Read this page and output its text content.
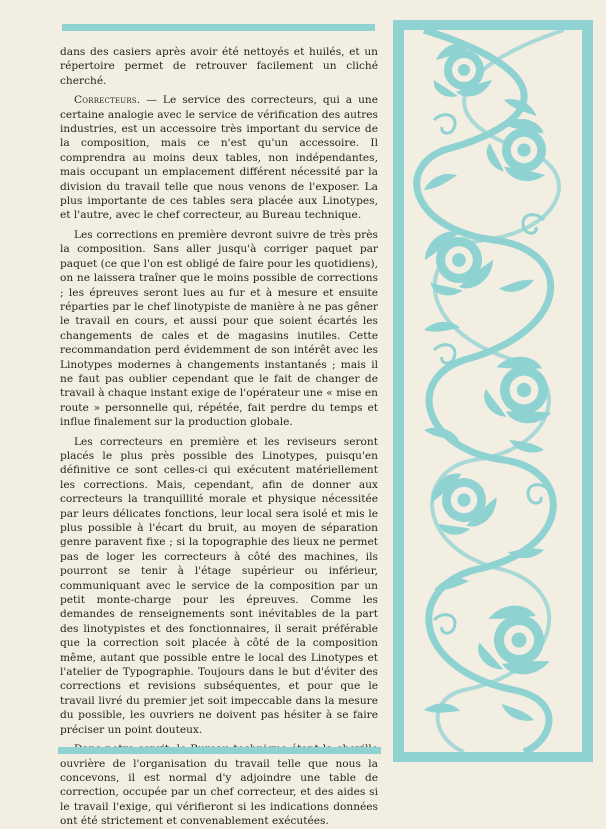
dans des casiers après avoir été nettoyés et huilés, et un répertoire permet de retrouver facilement un cliché cherché.

Correcteurs. — Le service des correcteurs, qui a une certaine analogie avec le service de vérification des autres industries, est un accessoire très important du service de la composition, mais ce n'est qu'un accessoire. Il comprendra au moins deux tables, non indépendantes, mais occupant un emplacement différent nécessité par la division du travail telle que nous venons de l'exposer. La plus importante de ces tables sera placée aux Linotypes, et l'autre, avec le chef correcteur, au Bureau technique.

Les corrections en première devront suivre de très près la composition. Sans aller jusqu'à corriger paquet par paquet (ce que l'on est obligé de faire pour les quotidiens), on ne laissera traîner que le moins possible de corrections ; les épreuves seront lues au fur et à mesure et ensuite réparties par le chef linotypiste de manière à ne pas gêner le travail en cours, et aussi pour que soient écartés les changements de cales et de magasins inutiles. Cette recommandation perd évidemment de son intérêt avec les Linotypes modernes à changements instantanés ; mais il ne faut pas oublier cependant que le fait de changer de travail à chaque instant exige de l'opérateur une « mise en route » personnelle qui, répétée, fait perdre du temps et influe finalement sur la production globale.

Les correcteurs en première et les reviseurs seront placés le plus près possible des Linotypes, puisqu'en définitive ce sont celles-ci qui exécutent matériellement les corrections. Mais, cependant, afin de donner aux correcteurs la tranquillité morale et physique nécessitée par leurs délicates fonctions, leur local sera isolé et mis le plus possible à l'écart du bruit, au moyen de séparation genre paravent fixe ; si la topographie des lieux ne permet pas de loger les correcteurs à côté des machines, ils pourront se tenir à l'étage supérieur ou inférieur, communiquant avec le service de la composition par un petit monte-charge pour les épreuves. Comme les demandes de renseignements sont inévitables de la part des linotypistes et des fonctionnaires, il serait préférable que la correction soit placée à côté de la composition même, autant que possible entre le local des Linotypes et l'atelier de Typographie. Toujours dans le but d'éviter des corrections et revisions subséquentes, et pour que le travail livré du premier jet soit impeccable dans la mesure du possible, les ouvriers ne doivent pas hésiter à se faire préciser un point douteux.

ouvrière de l'organisation du travail telle que nous la concevons, il est normal d'y adjoindre une table de correction, occupée par un chef correcteur, et des aides si le travail l'exige, qui vérifieront si les indications données ont été strictement et convenablement exécutées.
